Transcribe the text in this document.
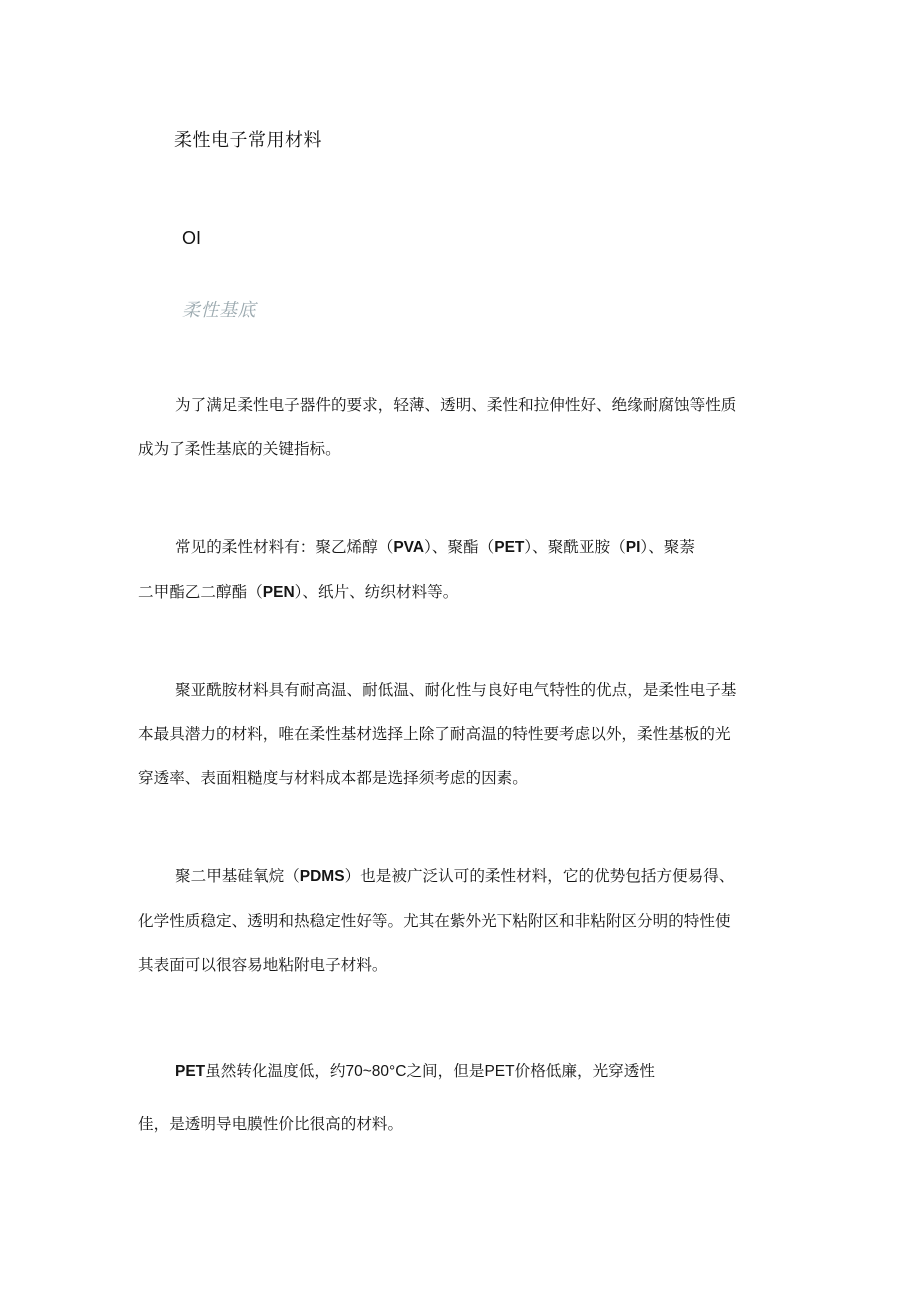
柔性电子常用材料
OI
柔性基底
为了满足柔性电子器件的要求，轻薄、透明、柔性和拉伸性好、绝缘耐腐蚀等性质
成为了柔性基底的关键指标。
常见的柔性材料有：聚乙烯醇（PVA）、聚酯（PET）、聚酰亚胺（PI）、聚萘
二甲酯乙二醇酯（PEN）、纸片、纺织材料等。
聚亚酰胺材料具有耐高温、耐低温、耐化性与良好电气特性的优点，是柔性电子基
本最具潜力的材料，唯在柔性基材选择上除了耐高温的特性要考虑以外，柔性基板的光
穿透率、表面粗糙度与材料成本都是选择须考虑的因素。
聚二甲基硅氧烷（PDMS）也是被广泛认可的柔性材料，它的优势包括方便易得、
化学性质稳定、透明和热稳定性好等。尤其在紫外光下粘附区和非粘附区分明的特性使
其表面可以很容易地粘附电子材料。
PET虽然转化温度低，约70~80°C之间，但是PET价格低廉，光穿透性
佳，是透明导电膜性价比很高的材料。
